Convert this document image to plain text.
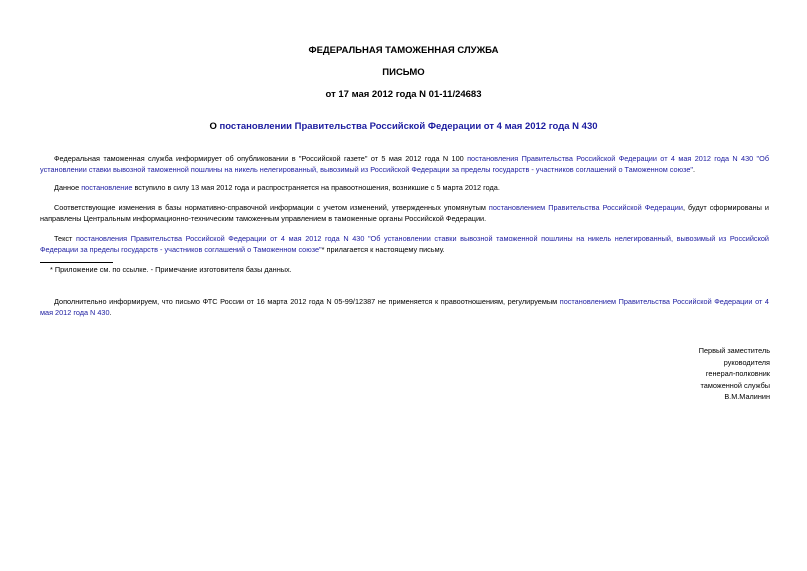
ФЕДЕРАЛЬНАЯ ТАМОЖЕННАЯ СЛУЖБА
ПИСЬМО
от 17 мая 2012 года N 01-11/24683
О постановлении Правительства Российской Федерации от 4 мая 2012 года N 430

Федеральная таможенная служба информирует об опубликовании в "Российской газете" от 5 мая 2012 года N 100 постановления Правительства Российской Федерации от 4 мая 2012 года N 430 "Об установлении ставки вывозной таможенной пошлины на никель нелегированный, вывозимый из Российской Федерации за пределы государств - участников соглашений о Таможенном союзе".

Данное постановление вступило в силу 13 мая 2012 года и распространяется на правоотношения, возникшие с 5 марта 2012 года.

Соответствующие изменения в базы нормативно-справочной информации с учетом изменений, утвержденных упомянутым постановлением Правительства Российской Федерации, будут сформированы и направлены Центральным информационно-техническим таможенным управлением в таможенные органы Российской Федерации.

Текст постановления Правительства Российской Федерации от 4 мая 2012 года N 430 "Об установлении ставки вывозной таможенной пошлины на никель нелегированный, вывозимый из Российской Федерации за пределы государств - участников соглашений о Таможенном союзе"* прилагается к настоящему письму.

* Приложение см. по ссылке. - Примечание изготовителя базы данных.

Дополнительно информируем, что письмо ФТС России от 16 марта 2012 года N 05-99/12387 не применяется к правоотношениям, регулируемым постановлением Правительства Российской Федерации от 4 мая 2012 года N 430.

Первый заместитель
руководителя
генерал-полковник
таможенной службы
В.М.Малинин
